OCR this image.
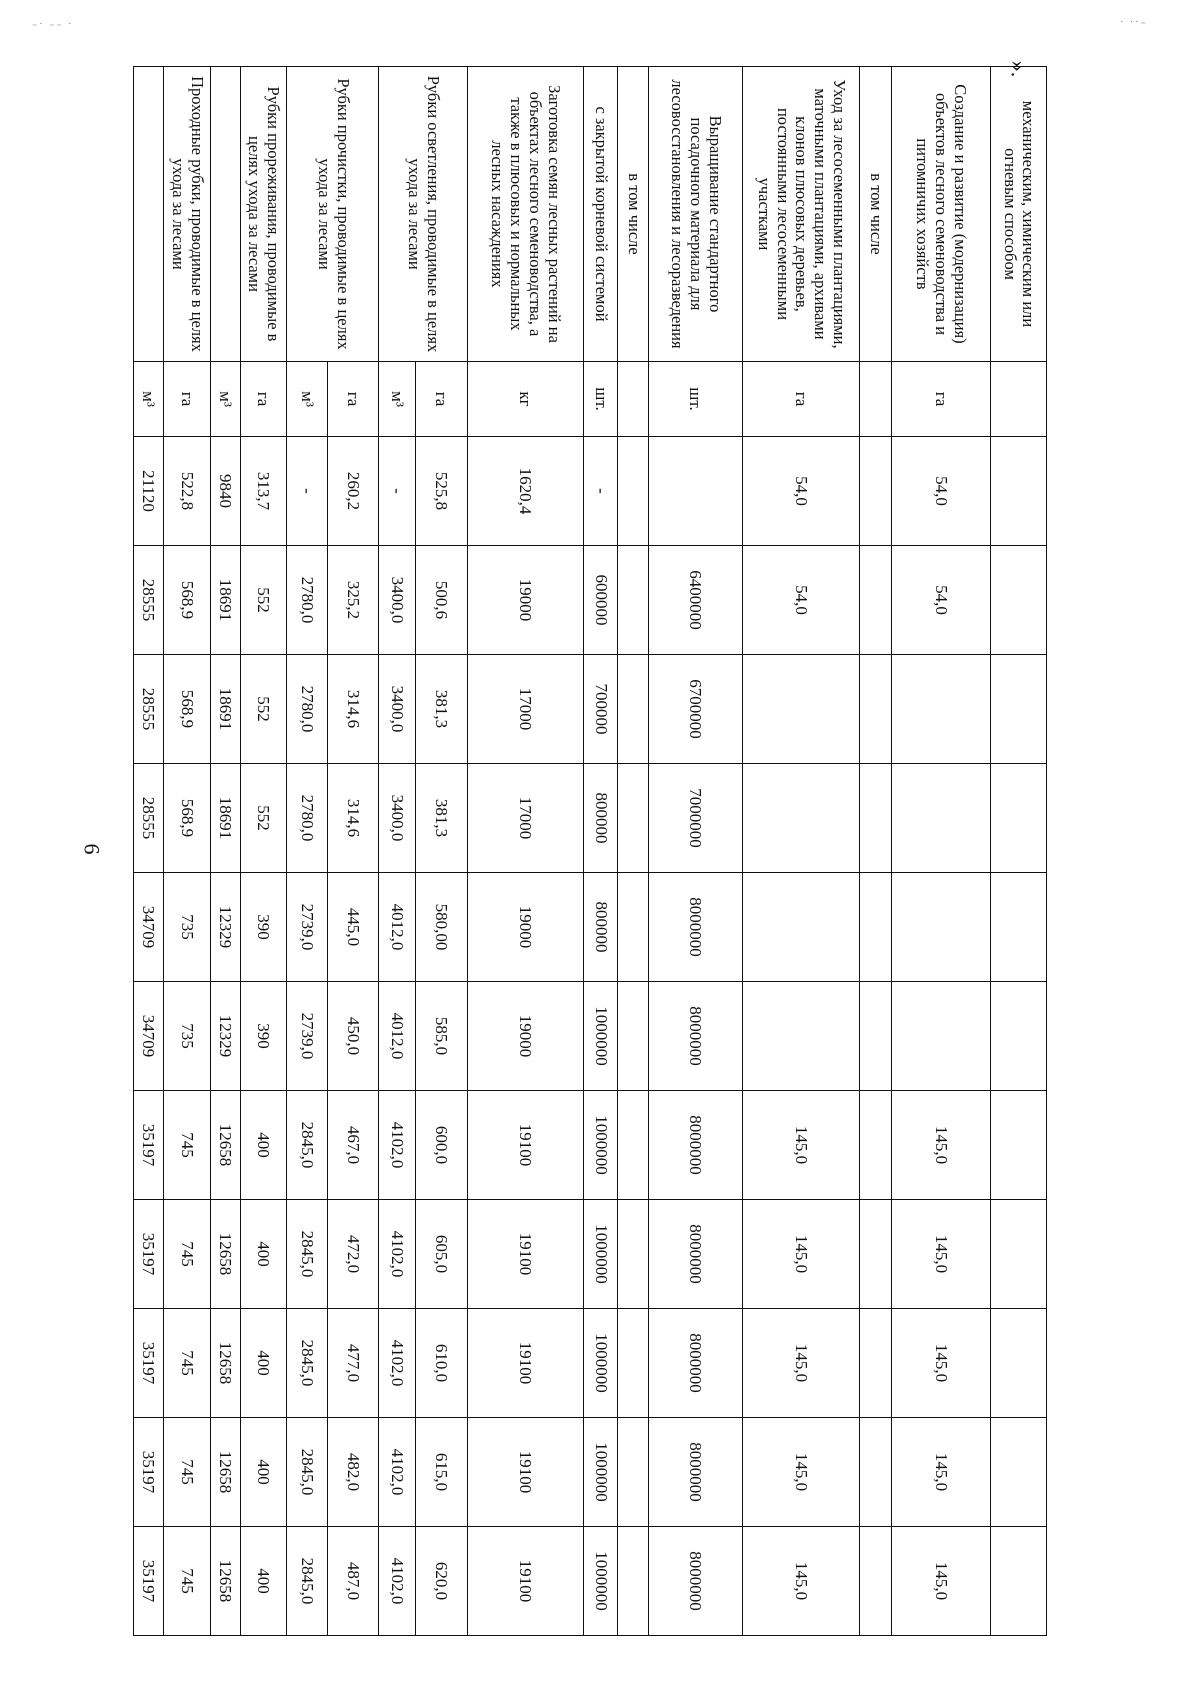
⁻˙ ⁻⁻ ˙	˙ ˙˙⁻
6
».
механическим, химическим или огневым способом												
Создание и развитие (модернизация) объектов лесного семеноводства и питомничих хозяйств	га	54,0	54,0					145,0	145,0	145,0	145,0	145,0
в том числе												
Уход за лесосеменными плантациями, маточными плантациями, архивами клонов плюсовых деревьев, постоянными лесосеменными участками	га	54,0	54,0					145,0	145,0	145,0	145,0	145,0
Выращивание стандартного посадочного материала для лесовосстановления и лесоразведения	шт.		6400000	6700000	7000000	8000000	8000000	8000000	8000000	8000000	8000000	8000000
в том числе												
с закрытой корневой системой	шт.	-	600000	700000	800000	800000	1000000	1000000	1000000	1000000	1000000	1000000
Заготовка семян лесных растений на объектах лесного семеноводства, а также в плюсовых и нормальных лесных насаждениях	кг	1620,4	19000	17000	17000	19000	19000	19100	19100	19100	19100	19100
Рубки осветления, проводимые в целях ухода за лесами	га	525,8	500,6	381,3	381,3	580,00	585,0	600,0	605,0	610,0	615,0	620,0
	м³	-	3400,0	3400,0	3400,0	4012,0	4012,0	4102,0	4102,0	4102,0	4102,0	4102,0
Рубки прочистки, проводимые в целях ухода за лесами	га	260,2	325,2	314,6	314,6	445,0	450,0	467,0	472,0	477,0	482,0	487,0
	м³	-	2780,0	2780,0	2780,0	2739,0	2739,0	2845,0	2845,0	2845,0	2845,0	2845,0
Рубки прореживания, проводимые в целях ухода за лесами	га	313,7	552	552	552	390	390	400	400	400	400	400
	м³	9840	18691	18691	18691	12329	12329	12658	12658	12658	12658	12658
Проходные рубки, проводимые в целях ухода за лесами	га	522,8	568,9	568,9	568,9	735	735	745	745	745	745	745
	м³	21120	28555	28555	28555	34709	34709	35197	35197	35197	35197	35197
